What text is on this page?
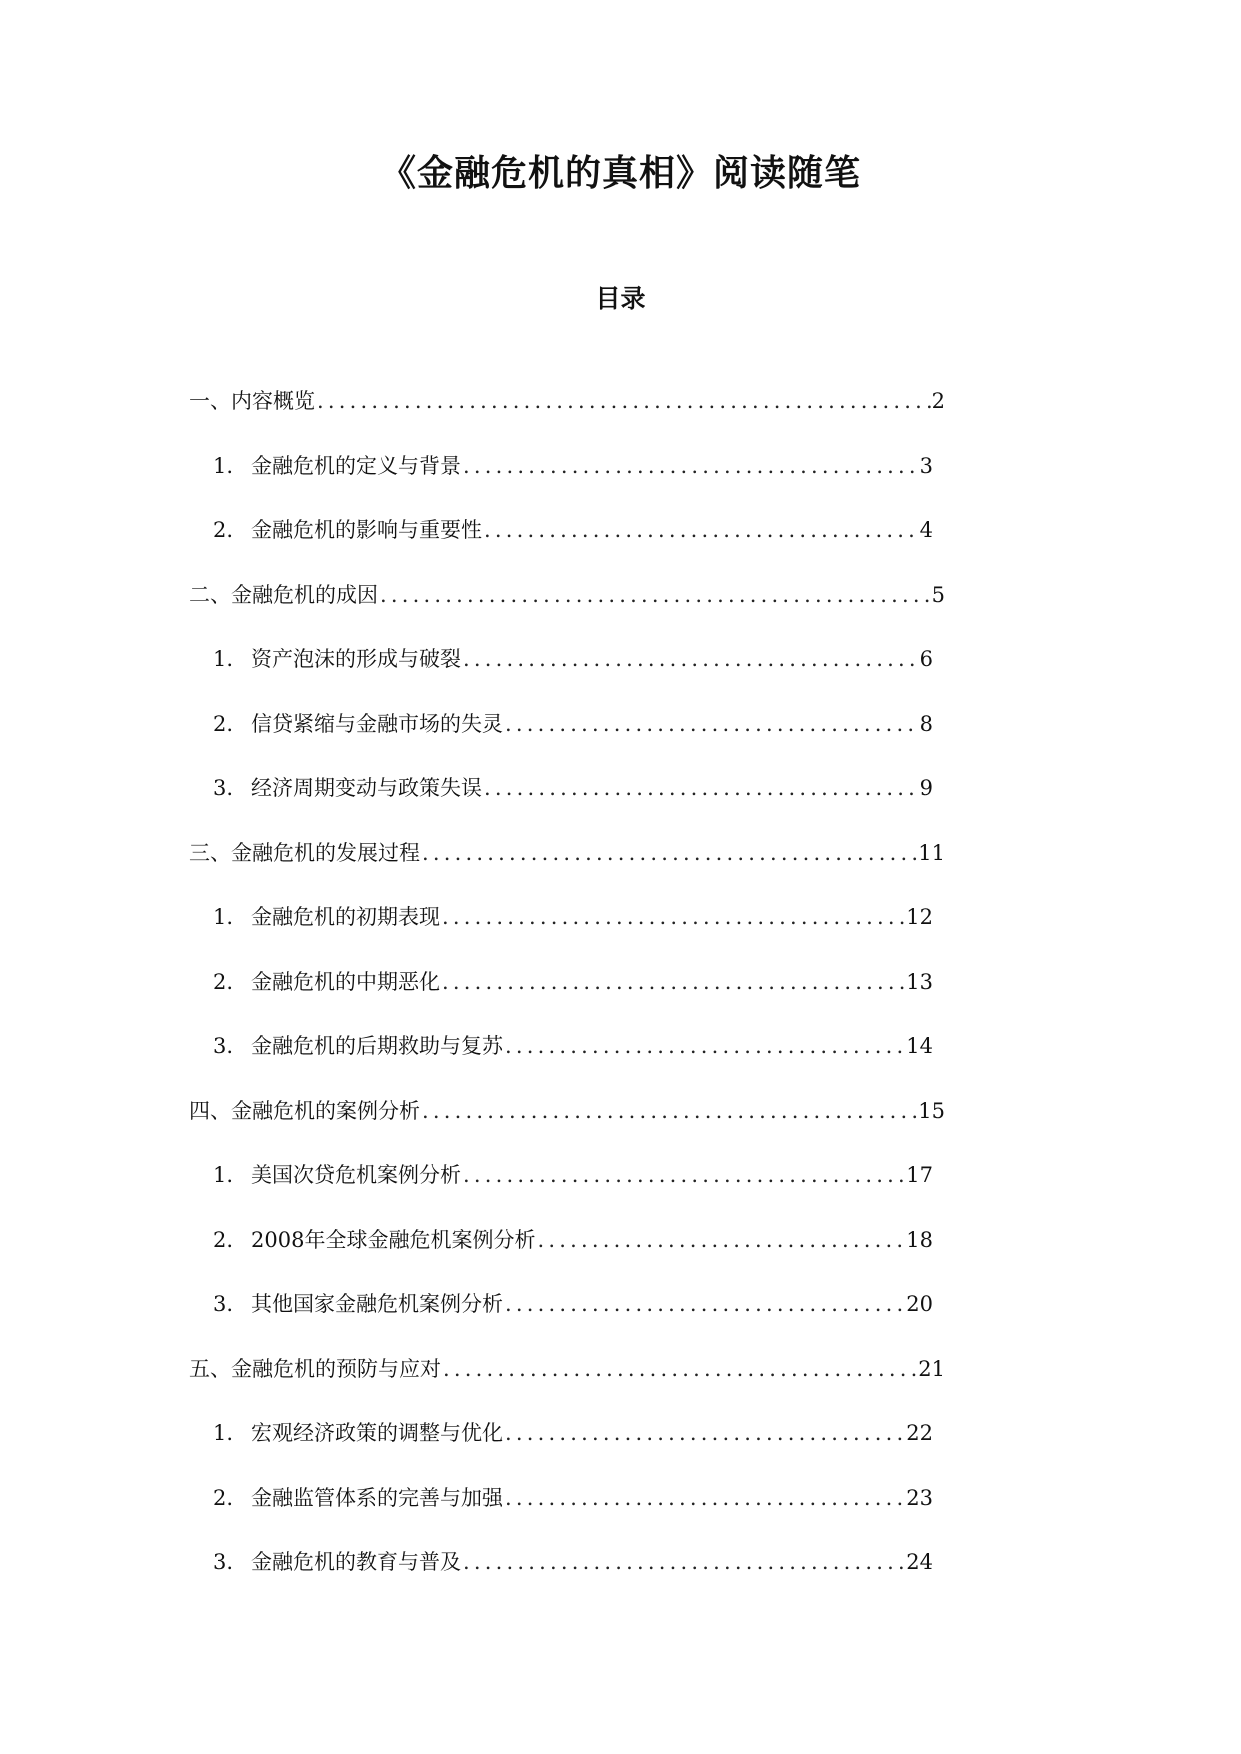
《金融危机的真相》阅读随笔
目录
一、内容概览 .....	2
1. 金融危机的定义与背景 .....	3
2. 金融危机的影响与重要性 .....	4
二、金融危机的成因 .....	5
1. 资产泡沫的形成与破裂 .....	6
2. 信贷紧缩与金融市场的失灵 .....	8
3. 经济周期变动与政策失误 .....	9
三、金融危机的发展过程 .....	11
1. 金融危机的初期表现 .....	12
2. 金融危机的中期恶化 .....	13
3. 金融危机的后期救助与复苏 .....	14
四、金融危机的案例分析 .....	15
1. 美国次贷危机案例分析 .....	17
2. 2008年全球金融危机案例分析 .....	18
3. 其他国家金融危机案例分析 .....	20
五、金融危机的预防与应对 .....	21
1. 宏观经济政策的调整与优化 .....	22
2. 金融监管体系的完善与加强 .....	23
3. 金融危机的教育与普及 .....	24
